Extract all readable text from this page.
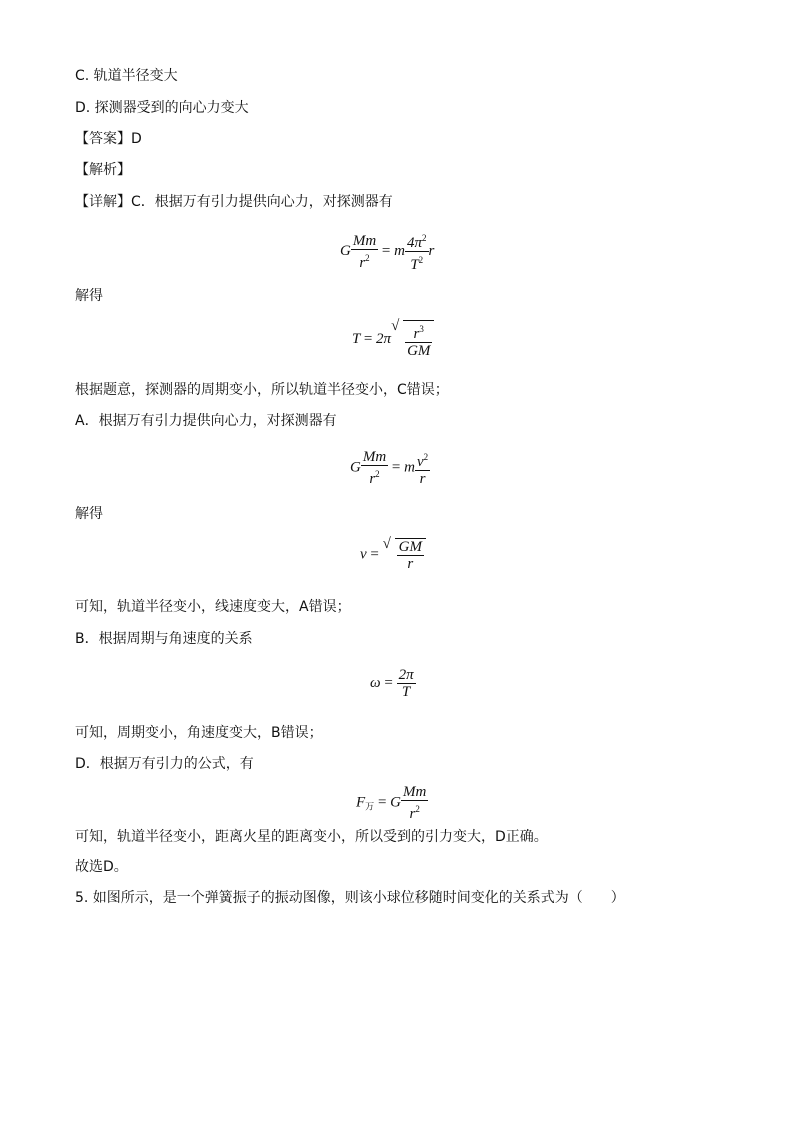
C. 轨道半径变大
D. 探测器受到的向心力变大
【答案】D
【解析】
【详解】C．根据万有引力提供向心力，对探测器有
G $\frac{Mm}{r^2} = m \frac{4\pi^2}{T^2}$ r
解得
T = 2π
√ $\frac{r^3}{GM}$
根据题意，探测器的周期变小，所以轨道半径变小，C错误；
A．根据万有引力提供向心力，对探测器有
G $\frac{Mm}{r^2} = m \frac{v^2}{r}$
解得
v =
√ $\frac{GM}{r}$
可知，轨道半径变小，线速度变大，A错误；
B．根据周期与角速度的关系
$\omega = \frac{2\pi}{T}$
可知，周期变小，角速度变大，B错误；
D．根据万有引力的公式，有
$F_万 = G \frac{Mm}{r^2}$
可知，轨道半径变小，距离火星的距离变小，所以受到的引力变大，D正确。
故选D。
5. 如图所示，是一个弹簧振子的振动图像，则该小球位移随时间变化的关系式为（　　）
